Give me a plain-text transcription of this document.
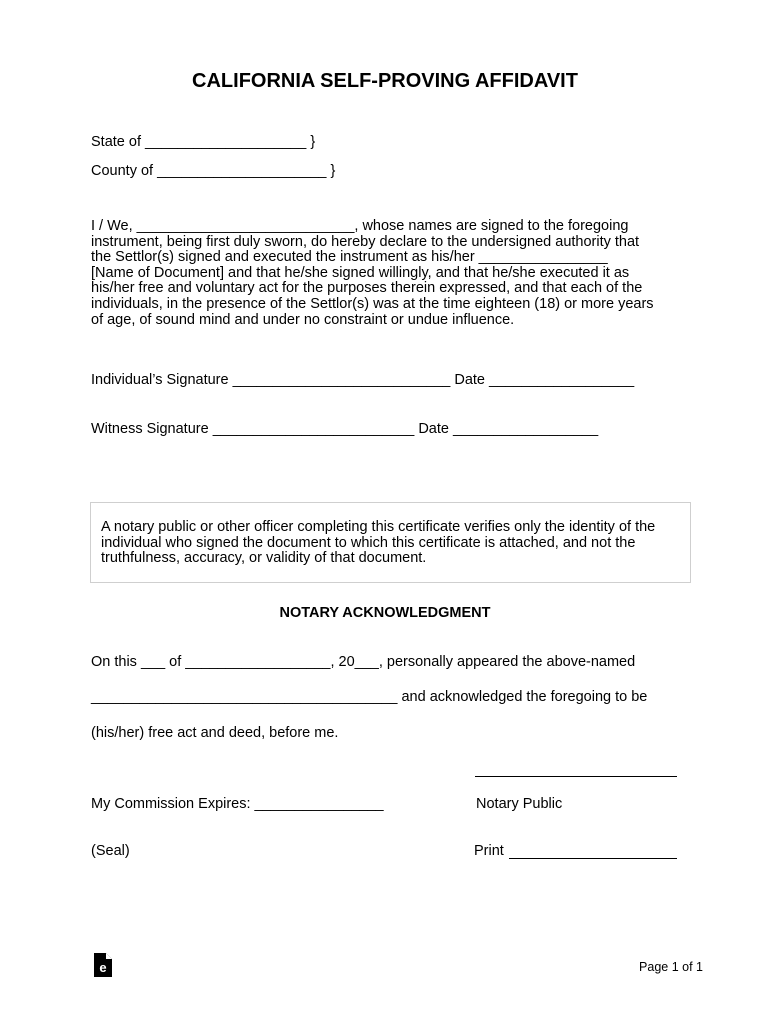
CALIFORNIA SELF-PROVING AFFIDAVIT
State of ____________________ }
County of _____________________ }

I / We, ___________________________, whose names are signed to the foregoing

instrument, being first duly sworn, do hereby declare to the undersigned authority that

the Settlor(s) signed and executed the instrument as his/her ________________

[Name of Document] and that he/she signed willingly, and that he/she executed it as

his/her free and voluntary act for the purposes therein expressed, and that each of the

individuals, in the presence of the Settlor(s) was at the time eighteen (18) or more years

of age, of sound mind and under no constraint or undue influence.

Individual’s Signature ___________________________ Date __________________
Witness Signature _________________________ Date __________________

A notary public or other officer completing this certificate verifies only the identity of the

individual who signed the document to which this certificate is attached, and not the

truthfulness, accuracy, or validity of that document.

NOTARY ACKNOWLEDGMENT
On this ___ of __________________, 20___, personally appeared the above-named
______________________________________ and acknowledged the foregoing to be
(his/her) free act and deed, before me.
My Commission Expires: ________________	Notary Public
(Seal)	Print
e	Page 1 of 1
